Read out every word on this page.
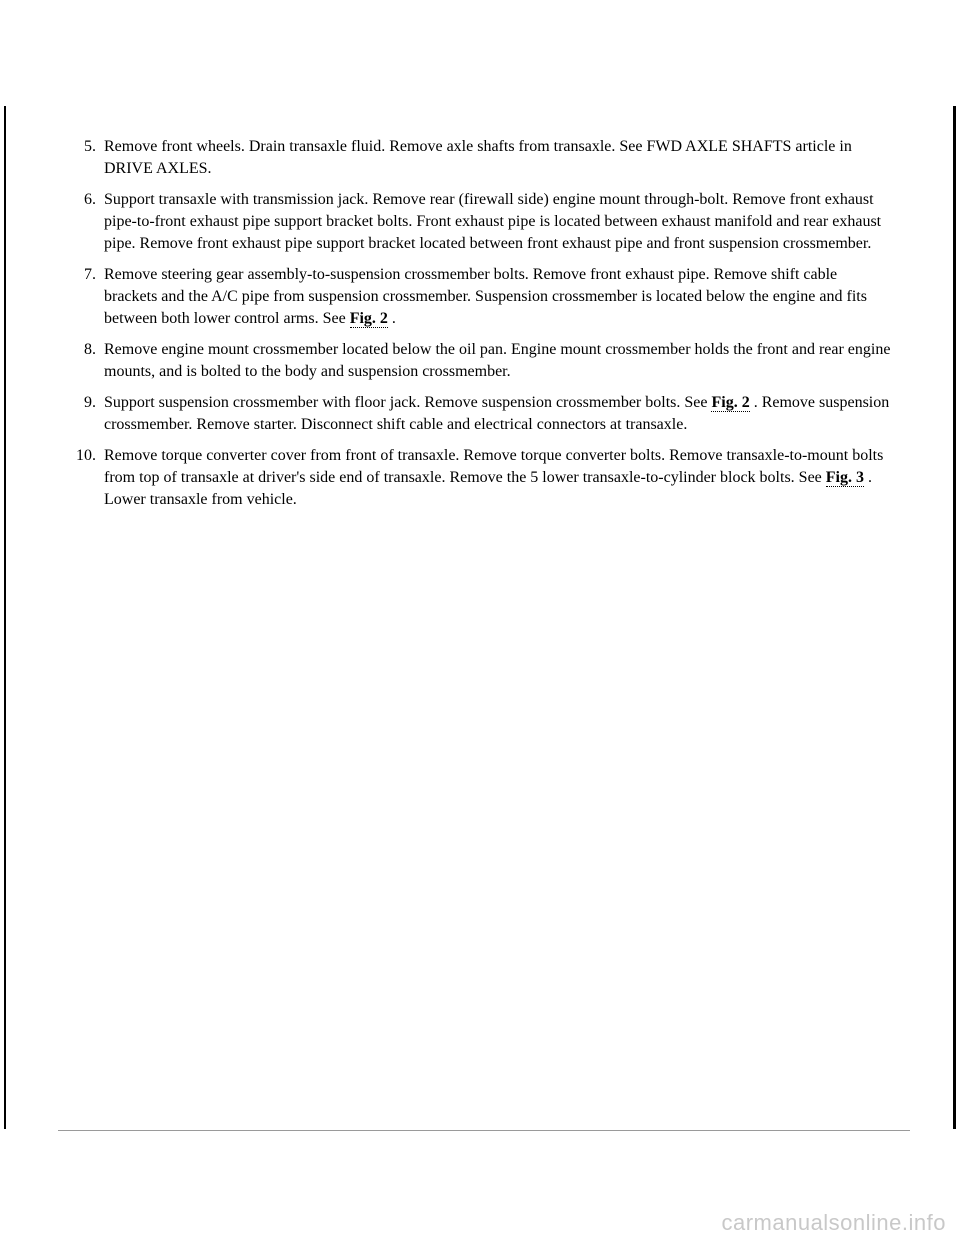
5. Remove front wheels. Drain transaxle fluid. Remove axle shafts from transaxle. See FWD AXLE SHAFTS article in DRIVE AXLES.
6. Support transaxle with transmission jack. Remove rear (firewall side) engine mount through-bolt. Remove front exhaust pipe-to-front exhaust pipe support bracket bolts. Front exhaust pipe is located between exhaust manifold and rear exhaust pipe. Remove front exhaust pipe support bracket located between front exhaust pipe and front suspension crossmember.
7. Remove steering gear assembly-to-suspension crossmember bolts. Remove front exhaust pipe. Remove shift cable brackets and the A/C pipe from suspension crossmember. Suspension crossmember is located below the engine and fits between both lower control arms. See Fig. 2 .
8. Remove engine mount crossmember located below the oil pan. Engine mount crossmember holds the front and rear engine mounts, and is bolted to the body and suspension crossmember.
9. Support suspension crossmember with floor jack. Remove suspension crossmember bolts. See Fig. 2 . Remove suspension crossmember. Remove starter. Disconnect shift cable and electrical connectors at transaxle.
10. Remove torque converter cover from front of transaxle. Remove torque converter bolts. Remove transaxle-to-mount bolts from top of transaxle at driver's side end of transaxle. Remove the 5 lower transaxle-to-cylinder block bolts. See Fig. 3 . Lower transaxle from vehicle.
carmanualsonline.info
